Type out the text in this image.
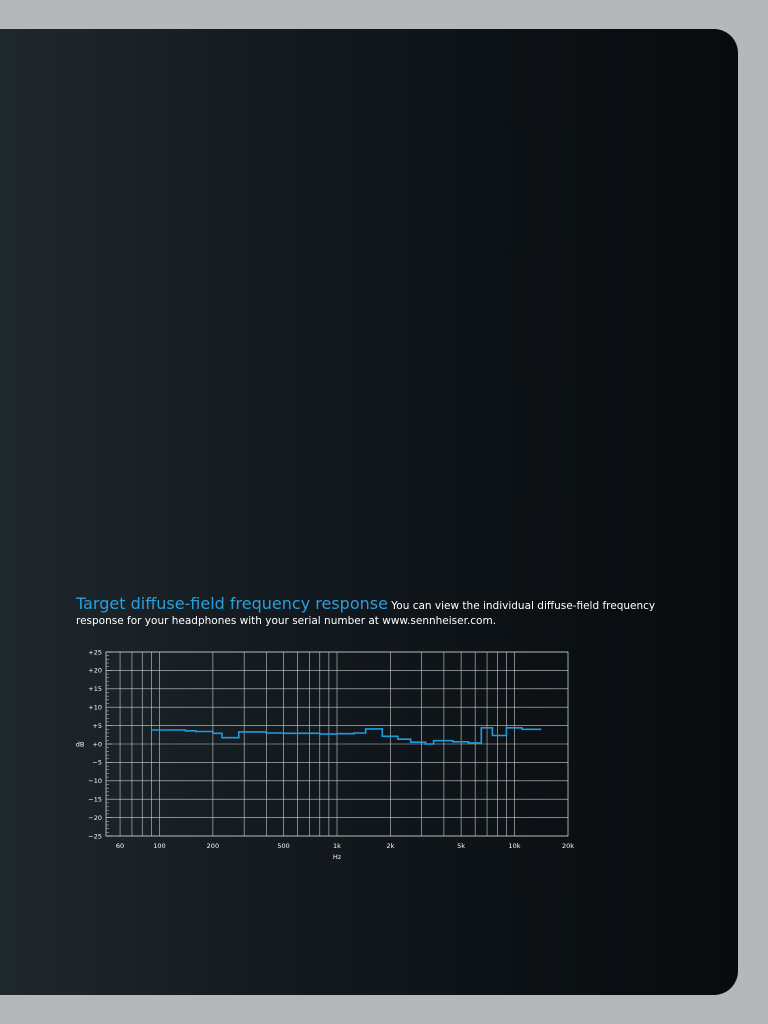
Target diffuse-field frequency response You can view the individual diffuse-field frequency
response for your headphones with your serial number at www.sennheiser.com.
+25
+20
+15
+10
+5
+0
−5
−10
−15
−20
−25
60	100	200	500	1k	2k	5k	10k	20k
dB
Hz
